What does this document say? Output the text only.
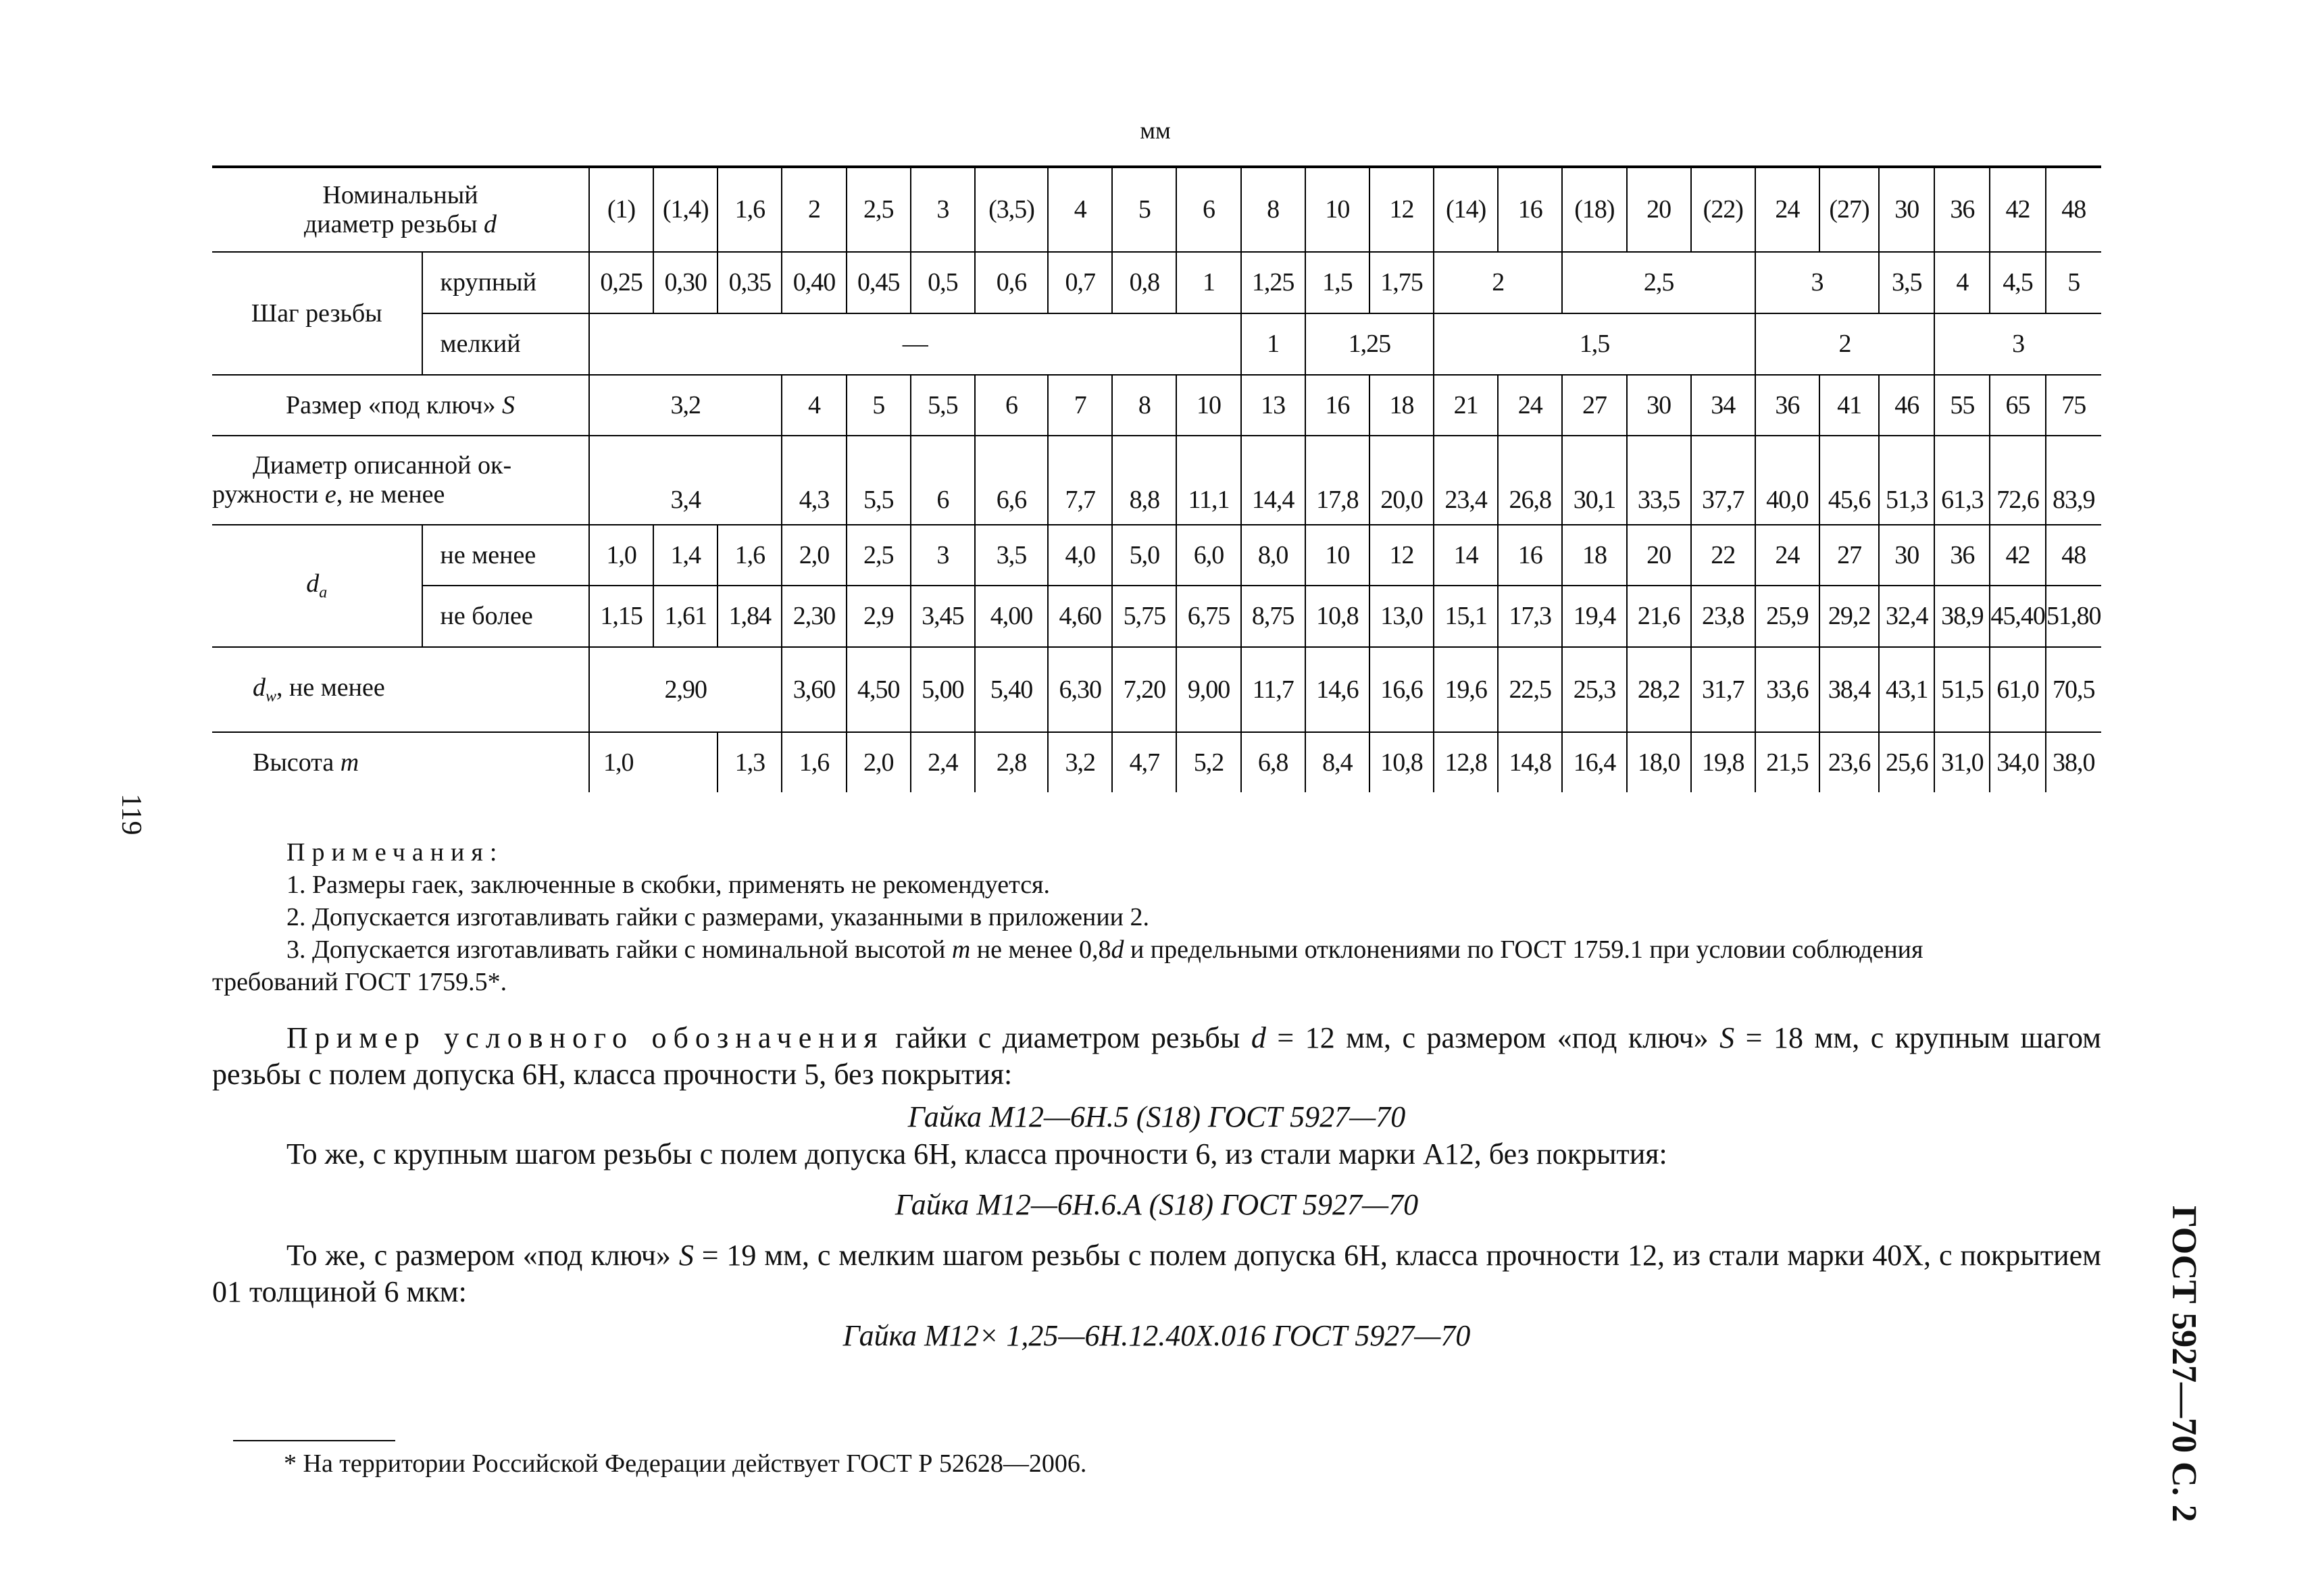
мм
Номинальный
диаметр резьбы d		(1)	(1,4)	1,6	2	2,5	3	(3,5)	4	5	6	8	10	12	(14)	16	(18)	20	(22)	24	(27)	30	36	42	48
Шаг резьбы	крупный	0,25	0,30	0,35	0,40	0,45	0,5	0,6	0,7	0,8	1	1,25	1,5	1,75	2		2,5			3		3,5	4	4,5	5
	мелкий	—										1	1,25		1,5					2			3		
Размер «под ключ» S		3,2			4	5	5,5	6	7	8	10	13	16	18	21	24	27	30	34	36	41	46	55	65	75
Диаметр описанной ок-
ружности e, не менее		3,4			4,3	5,5	6	6,6	7,7	8,8	11,1	14,4	17,8	20,0	23,4	26,8	30,1	33,5	37,7	40,0	45,6	51,3	61,3	72,6	83,9
$d_a$	не менее	1,0	1,4	1,6	2,0	2,5	3	3,5	4,0	5,0	6,0	8,0	10	12	14	16	18	20	22	24	27	30	36	42	48
	не более	1,15	1,61	1,84	2,30	2,9	3,45	4,00	4,60	5,75	6,75	8,75	10,8	13,0	15,1	17,3	19,4	21,6	23,8	25,9	29,2	32,4	38,9	45,40	51,80
$d_w$, не менее		2,90			3,60	4,50	5,00	5,40	6,30	7,20	9,00	11,7	14,6	16,6	19,6	22,5	25,3	28,2	31,7	33,6	38,4	43,1	51,5	61,0	70,5
Высота m		1,0		1,3	1,6	2,0	2,4	2,8	3,2	4,7	5,2	6,8	8,4	10,8	12,8	14,8	16,4	18,0	19,8	21,5	23,6	25,6	31,0	34,0	38,0
119
ГОСТ 5927—70 С. 2
Примечания:
1. Размеры гаек, заключенные в скобки, применять не рекомендуется.
2. Допускается изготавливать гайки с размерами, указанными в приложении 2.
3. Допускается изготавливать гайки с номинальной высотой m не менее 0,8d и предельными отклонениями по ГОСТ 1759.1 при условии соблюдения
требований ГОСТ 1759.5*.
Пример условного обозначения гайки с диаметром резьбы d = 12 мм, с размером «под ключ» S = 18 мм, с крупным шагом резьбы с полем допуска 6Н, класса прочности 5, без покрытия:
Гайка М12—6Н.5 (S18) ГОСТ 5927—70
То же, с крупным шагом резьбы с полем допуска 6Н, класса прочности 6, из стали марки А12, без покрытия:
Гайка М12—6Н.6.А (S18) ГОСТ 5927—70
То же, с размером «под ключ» S = 19 мм, с мелким шагом резьбы с полем допуска 6Н, класса прочности 12, из стали марки 40Х, с покрытием 01 толщиной 6 мкм:
Гайка М12× 1,25—6Н.12.40Х.016 ГОСТ 5927—70
* На территории Российской Федерации действует ГОСТ Р 52628—2006.
